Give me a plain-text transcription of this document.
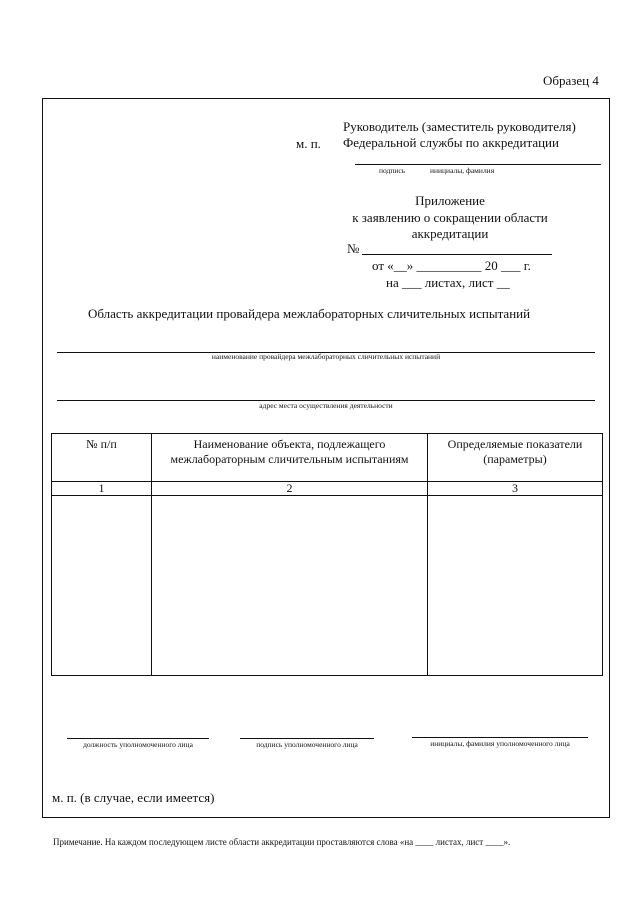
Образец 4
Руководитель (заместитель руководителя)
м. п. Федеральной службы по аккредитации
подпись	инициалы, фамилия
Приложение
к заявлению о сокращении области
аккредитации
№
от «__» __________ 20 ___ г.
на ___ листах, лист __
Область аккредитации провайдера межлабораторных сличительных испытаний
наименование провайдера межлабораторных сличительных испытаний
адрес места осуществления деятельности
№ п/п	Наименование объекта, подлежащего межлабораторным сличительным испытаниям	Определяемые показатели (параметры)
1	2	3

должность уполномоченного лица	подпись уполномоченного лица	инициалы, фамилия уполномоченного лица
м. п. (в случае, если имеется)
Примечание. На каждом последующем листе области аккредитации проставляются слова «на ____ листах, лист ____».
